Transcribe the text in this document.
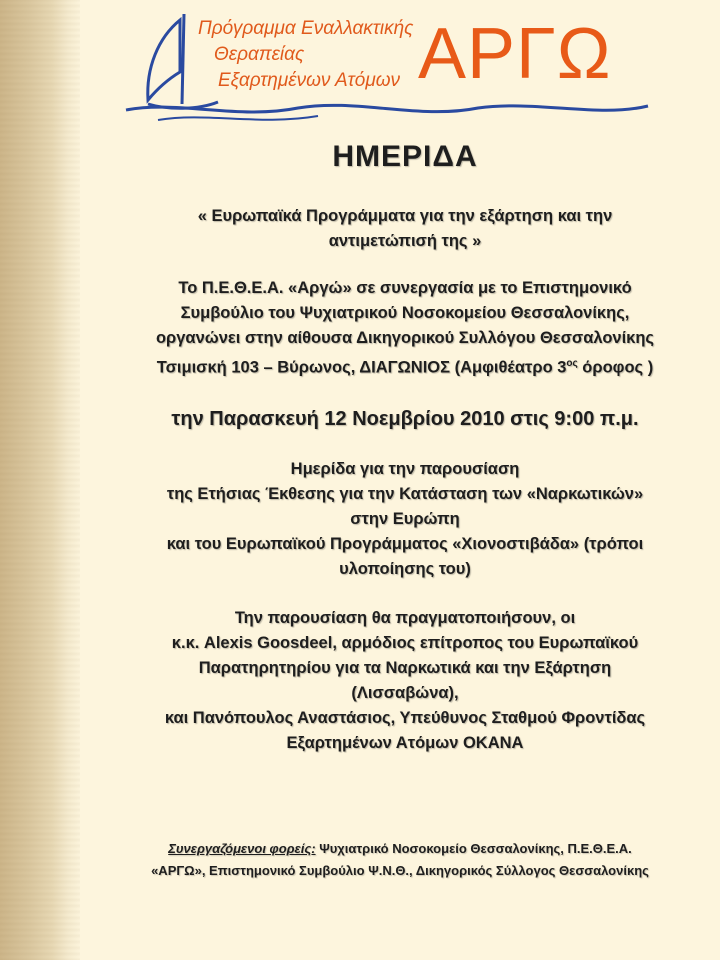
Πρόγραμμα Εναλλακτικής
Θεραπείας
Εξαρτημένων Ατόμων ΑΡΓΩ
ΗΜΕΡΙΔΑ

« Ευρωπαϊκά Προγράμματα για την εξάρτηση και την

αντιμετώπισή της »

Το Π.Ε.Θ.Ε.Α. «Αργώ» σε συνεργασία με το Επιστημονικό

Συμβούλιο του Ψυχιατρικού Νοσοκομείου Θεσσαλονίκης,

οργανώνει στην αίθουσα Δικηγορικού Συλλόγου Θεσσαλονίκης

Τσιμισκή 103 – Βύρωνος, ΔΙΑΓΩΝΙΟΣ (Αμφιθέατρο $3^{o\varsigma}$ όροφος )

την Παρασκευή 12 Νοεμβρίου 2010 στις 9:00 π.μ.

Ημερίδα για την παρουσίαση

της Ετήσιας Έκθεσης για την Κατάσταση των «Ναρκωτικών»

στην Ευρώπη

και του Ευρωπαϊκού Προγράμματος «Χιονοστιβάδα» (τρόποι

υλοποίησης του)

Την παρουσίαση θα πραγματοποιήσουν, οι

κ.κ. Alexis Goosdeel, αρμόδιος επίτροπος του Ευρωπαϊκού

Παρατηρητηρίου για τα Ναρκωτικά και την Εξάρτηση

(Λισσαβώνα),

και Πανόπουλος Αναστάσιος, Υπεύθυνος Σταθμού Φροντίδας

Εξαρτημένων Ατόμων ΟΚΑΝΑ

Συνεργαζόμενοι φορείς: Ψυχιατρικό Νοσοκομείο Θεσσαλονίκης, Π.Ε.Θ.Ε.Α.
«ΑΡΓΩ», Επιστημονικό Συμβούλιο Ψ.Ν.Θ., Δικηγορικός Σύλλογος Θεσσαλονίκης
